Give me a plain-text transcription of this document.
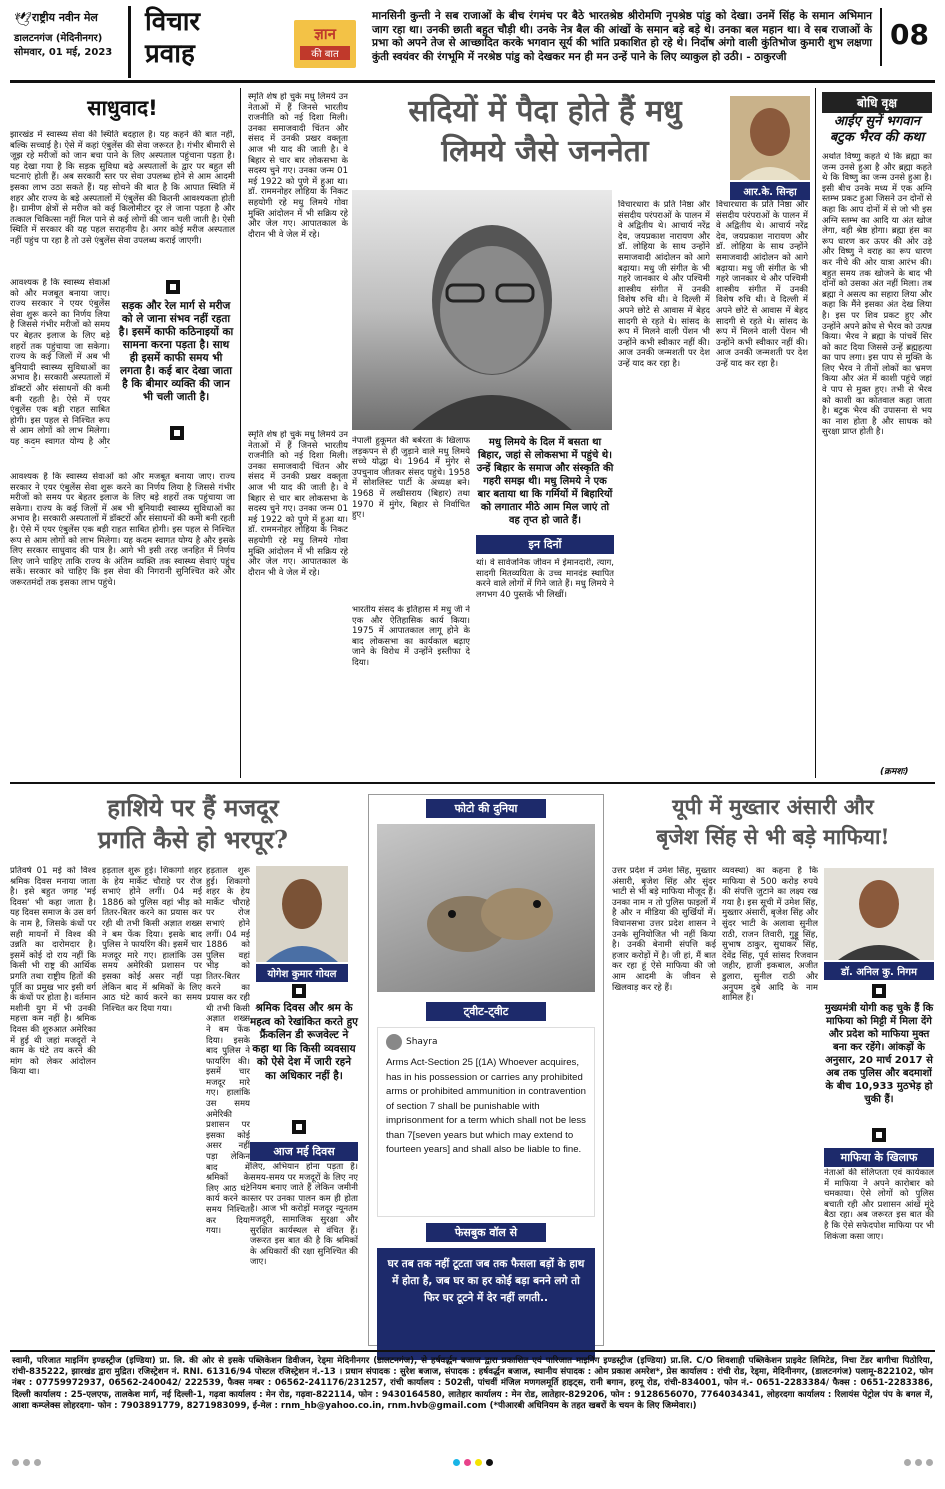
🕊 राष्ट्रीय नवीन मेल
डालटनगंज (मेदिनीनगर)
सोमवार, 01 मई, 2023
विचार
प्रवाह
ज्ञान
की बात
मानसिनी कुन्ती ने सब राजाओं के बीच रंगमंच पर बैठे भारतश्रेष्ठ श्रीरोमणि नृपश्रेष्ठ पांडु को देखा। उनमें सिंह के समान अभिमान जाग रहा था। उनकी छाती बहुत चौड़ी थी। उनके नेत्र बैल की आंखों के समान बड़े बड़े थे। उनका बल महान था। वे सब राजाओं के प्रभा को अपने तेज से आच्छादित करके भगवान सूर्य की भांति प्रकाशित हो रहे थे। निर्दोष अंगो वाली कुंतिभोज कुमारी शुभ लक्षणा कुंती स्वयंवर की रंगभूमि में नरश्रेष्ठ पांडु को देखकर मन ही मन उन्हें पाने के लिए व्याकुल हो उठी। - ठाकुरजी
08
साधुवाद!
झारखंड में स्वास्थ्य सेवा की स्थिति बदहाल है। यह कहने की बात नहीं, बल्कि सच्चाई है। ऐसे में कहां एंबुलेंस की सेवा जरूरत है। गंभीर बीमारी से जूझ रहे मरीजों को जान बचा पाने के लिए अस्पताल पहुंचाना पड़ता है। यह देखा गया है कि सड़क सुविधा बढ़े अस्पतालों के द्वार पर बहुत सी घटनाएं होती हैं। अब सरकारी स्तर पर सेवा उपलब्ध होने से आम आदमी इसका लाभ उठा सकते हैं। यह सोचने की बात है कि आपात स्थिति में शहर और राज्य के बड़े अस्पतालों में एंबुलेंस की कितनी आवश्यकता होती है। ग्रामीण क्षेत्रों से मरीज को कई किलोमीटर दूर ले जाना पड़ता है और तत्काल चिकित्सा नहीं मिल पाने से कई लोगों की जान चली जाती है। ऐसी स्थिति में सरकार की यह पहल सराहनीय है। अगर कोई मरीज अस्पताल नहीं पहुंच पा रहा है तो उसे एंबुलेंस सेवा उपलब्ध कराई जाएगी।
आवश्यक है कि स्वास्थ्य सेवाओं को और मजबूत बनाया जाए। राज्य सरकार ने एयर एंबुलेंस सेवा शुरू करने का निर्णय लिया है जिससे गंभीर मरीजों को समय पर बेहतर इलाज के लिए बड़े शहरों तक पहुंचाया जा सकेगा। राज्य के कई जिलों में अब भी बुनियादी स्वास्थ्य सुविधाओं का अभाव है। सरकारी अस्पतालों में डॉक्टरों और संसाधनों की कमी बनी रहती है। ऐसे में एयर एंबुलेंस एक बड़ी राहत साबित होगी। इस पहल से निश्चित रूप से आम लोगों को लाभ मिलेगा। यह कदम स्वागत योग्य है और
सड़क और रेल मार्ग से मरीज को ले जाना संभव नहीं रहता है। इसमें काफी कठिनाइयों का सामना करना पड़ता है। साथ ही इसमें काफी समय भी लगता है। कई बार देखा जाता है कि बीमार व्यक्ति की जान भी चली जाती है।
आवश्यक है कि स्वास्थ्य सेवाओं को और मजबूत बनाया जाए। राज्य सरकार ने एयर एंबुलेंस सेवा शुरू करने का निर्णय लिया है जिससे गंभीर मरीजों को समय पर बेहतर इलाज के लिए बड़े शहरों तक पहुंचाया जा सकेगा। राज्य के कई जिलों में अब भी बुनियादी स्वास्थ्य सुविधाओं का अभाव है। सरकारी अस्पतालों में डॉक्टरों और संसाधनों की कमी बनी रहती है। ऐसे में एयर एंबुलेंस एक बड़ी राहत साबित होगी। इस पहल से निश्चित रूप से आम लोगों को लाभ मिलेगा। यह कदम स्वागत योग्य है और इसके लिए सरकार साधुवाद की पात्र है। आगे भी इसी तरह जनहित में निर्णय लिए जाने चाहिए ताकि राज्य के अंतिम व्यक्ति तक स्वास्थ्य सेवाएं पहुंच सकें। सरकार को चाहिए कि इस सेवा की निगरानी सुनिश्चित करे और जरूरतमंदों तक इसका लाभ पहुंचे।
सदियों में पैदा होते हैं मधु
लिमये जैसे जननेता
स्मृति शेष हो चुके मधु लिमये उन नेताओं में हैं जिनसे भारतीय राजनीति को नई दिशा मिली। उनका समाजवादी चिंतन और संसद में उनकी प्रखर वक्तृता आज भी याद की जाती है। वे बिहार से चार बार लोकसभा के सदस्य चुने गए। उनका जन्म 01 मई 1922 को पुणे में हुआ था। डॉ. राममनोहर लोहिया के निकट सहयोगी रहे मधु लिमये गोवा मुक्ति आंदोलन में भी सक्रिय रहे और जेल गए। आपातकाल के दौरान भी वे जेल में रहे।
स्मृति शेष हो चुके मधु लिमये उन नेताओं में हैं जिनसे भारतीय राजनीति को नई दिशा मिली। उनका समाजवादी चिंतन और संसद में उनकी प्रखर वक्तृता आज भी याद की जाती है। वे बिहार से चार बार लोकसभा के सदस्य चुने गए। उनका जन्म 01 मई 1922 को पुणे में हुआ था। डॉ. राममनोहर लोहिया के निकट सहयोगी रहे मधु लिमये गोवा मुक्ति आंदोलन में भी सक्रिय रहे और जेल गए। आपातकाल के दौरान भी वे जेल में रहे।
नेपाली हुकूमत की बर्बरता के खिलाफ लड़कपन से ही जुड़ाने वाले मधु लिमये सच्चे योद्धा थे। 1964 में मुंगेर से उपचुनाव जीतकर संसद पहुंचे। 1958 में सोशलिस्ट पार्टी के अध्यक्ष बने। 1968 में लखीसराय (बिहार) तथा 1970 में मुंगेर, बिहार से निर्वाचित हुए।
भारतीय संसद के इतिहास में मधु जी ने एक और ऐतिहासिक कार्य किया। 1975 में आपातकाल लागू होने के बाद लोकसभा का कार्यकाल बढ़ाए जाने के विरोध में उन्होंने इस्तीफा दे दिया।
मधु लिमये के दिल में बसता था बिहार, जहां से लोकसभा में पहुंचे थे। उन्हें बिहार के समाज और संस्कृति की गहरी समझ थी। मधु लिमये ने एक बार बताया था कि गर्मियों में बिहारियों को लगातार मीठे आम मिल जाएं तो वह तृप्त हो जाते हैं।
इन दिनों
थां। वे सार्वजनिक जीवन में ईमानदारी, त्याग, सादगी मितव्ययिता के उच्च मानदंड स्थापित करने वाले लोगों में गिने जाते हैं। मधु लिमये ने लगभग 40 पुस्तकें भी लिखीं।
आर.के. सिन्हा
विचारधारा के प्रति निष्ठा और संसदीय परंपराओं के पालन में वे अद्वितीय थे। आचार्य नरेंद्र देव, जयप्रकाश नारायण और डॉ. लोहिया के साथ उन्होंने समाजवादी आंदोलन को आगे बढ़ाया। मधु जी संगीत के भी गहरे जानकार थे और पश्चिमी शास्त्रीय संगीत में उनकी विशेष रुचि थी। वे दिल्ली में अपने छोटे से आवास में बेहद सादगी से रहते थे। सांसद के रूप में मिलने वाली पेंशन भी उन्होंने कभी स्वीकार नहीं की। आज उनकी जन्मशती पर देश उन्हें याद कर रहा है।
विचारधारा के प्रति निष्ठा और संसदीय परंपराओं के पालन में वे अद्वितीय थे। आचार्य नरेंद्र देव, जयप्रकाश नारायण और डॉ. लोहिया के साथ उन्होंने समाजवादी आंदोलन को आगे बढ़ाया। मधु जी संगीत के भी गहरे जानकार थे और पश्चिमी शास्त्रीय संगीत में उनकी विशेष रुचि थी। वे दिल्ली में अपने छोटे से आवास में बेहद सादगी से रहते थे। सांसद के रूप में मिलने वाली पेंशन भी उन्होंने कभी स्वीकार नहीं की। आज उनकी जन्मशती पर देश उन्हें याद कर रहा है।
बोधि वृक्ष
आईए सुनें भगवान
बटुक भैरव की कथा
अर्थात विष्णु कहते थे कि ब्रह्मा का जन्म उनसे हुआ है और ब्रह्मा कहते थे कि विष्णु का जन्म उनसे हुआ है। इसी बीच उनके मध्य में एक अग्नि स्तम्भ प्रकट हुआ जिसने उन दोनों से कहा कि आप दोनों में से जो भी इस अग्नि स्तम्भ का आदि या अंत खोज लेगा, वही श्रेष्ठ होगा। ब्रह्मा हंस का रूप धारण कर ऊपर की ओर उड़े और विष्णु ने वराह का रूप धारण कर नीचे की ओर यात्रा आरंभ की। बहुत समय तक खोजने के बाद भी दोनों को उसका अंत नहीं मिला। तब ब्रह्मा ने असत्य का सहारा लिया और कहा कि मैंने इसका अंत देख लिया है। इस पर शिव प्रकट हुए और उन्होंने अपने क्रोध से भैरव को उत्पन्न किया। भैरव ने ब्रह्मा के पांचवें सिर को काट दिया जिससे उन्हें ब्रह्महत्या का पाप लगा। इस पाप से मुक्ति के लिए भैरव ने तीनों लोकों का भ्रमण किया और अंत में काशी पहुंचे जहां वे पाप से मुक्त हुए। तभी से भैरव को काशी का कोतवाल कहा जाता है। बटुक भैरव की उपासना से भय का नाश होता है और साधक को सुरक्षा प्राप्त होती है।
(क्रमशः)
हाशिये पर हैं मजदूर
प्रगति कैसे हो भरपूर?
प्रतिवर्ष 01 मई को विश्व श्रमिक दिवस मनाया जाता है। इसे बहुत जगह 'मई दिवस' भी कहा जाता है। यह दिवस समाज के उस वर्ग के नाम है, जिसके कंधों पर सही मायनों में विश्व की उन्नति का दारोमदार है। इसमें कोई दो राय नहीं कि किसी भी राष्ट्र की आर्थिक प्रगति तथा राष्ट्रीय हितों की पूर्ति का प्रमुख भार इसी वर्ग के कंधों पर होता है। वर्तमान मशीनी युग में भी उनकी महत्ता कम नहीं है। श्रमिक दिवस की शुरुआत अमेरिका में हुई थी जहां मजदूरों ने काम के घंटे तय करने की मांग को लेकर आंदोलन किया था।
हड़ताल शुरू हुई। शिकागो शहर के हेय मार्केट चौराहे पर रोज सभाएं होने लगीं। 04 मई 1886 को पुलिस वहां भीड़ को तितर-बितर करने का प्रयास कर रही थी तभी किसी अज्ञात शख्स ने बम फेंक दिया। इसके बाद पुलिस ने फायरिंग की। इसमें चार मजदूर मारे गए। हालांकि उस समय अमेरिकी प्रशासन पर इसका कोई असर नहीं पड़ा लेकिन बाद में श्रमिकों के लिए आठ घंटे कार्य करने का समय निश्चित कर दिया गया।
योगेश कुमार गोयल
श्रमिक दिवस और श्रम के महत्व को रेखांकित करते हुए फ्रैंकलिन डी रूजवेल्ट ने कहा था कि किसी व्यवसाय को ऐसे देश में जारी रहने का अधिकार नहीं है।
आज मई दिवस
लिए, अभियान होना पड़ता है। समय-समय पर मजदूरों के लिए नए नियम बनाए जाते हैं लेकिन जमीनी स्तर पर उनका पालन कम ही होता है। आज भी करोड़ों मजदूर न्यूनतम मजदूरी, सामाजिक सुरक्षा और सुरक्षित कार्यस्थल से वंचित हैं। जरूरत इस बात की है कि श्रमिकों के अधिकारों की रक्षा सुनिश्चित की जाए।
हड़ताल शुरू हुई। शिकागो शहर के हेय मार्केट चौराहे पर रोज सभाएं होने लगीं। 04 मई 1886 को पुलिस वहां भीड़ को तितर-बितर करने का प्रयास कर रही थी तभी किसी अज्ञात शख्स ने बम फेंक दिया। इसके बाद पुलिस ने फायरिंग की। इसमें चार मजदूर मारे गए। हालांकि उस समय अमेरिकी प्रशासन पर इसका कोई असर नहीं पड़ा लेकिन बाद में श्रमिकों के लिए आठ घंटे कार्य करने का समय निश्चित कर दिया गया।
फोटो की दुनिया
ट्वीट-ट्वीट
Shayra
Arms Act-Section 25 [(1A) Whoever acquires, has in his possession or carries any prohibited arms or prohibited ammunition in contravention of section 7 shall be punishable with imprisonment for a term which shall not be less than 7[seven years but which may extend to fourteen years] and shall also be liable to fine.
फेसबुक वॉल से
घर तब तक नहीं टूटता जब तक फैसला बड़ों के हाथ में होता है, जब घर का हर कोई बड़ा बनने लगे तो फिर घर टूटने में देर नहीं लगती..
यूपी में मुख्तार अंसारी और
बृजेश सिंह से भी बड़े माफिया!
उत्तर प्रदेश में उमेश सिंह, मुख्तार अंसारी, बृजेश सिंह और सुंदर भाटी से भी बड़े माफिया मौजूद हैं। उनका नाम न तो पुलिस फाइलों में है और न मीडिया की सुर्खियों में। विधानसभा उत्तर प्रदेश शासन ने उनके सुनियोजित भी नहीं किया है। उनकी बेनामी संपत्ति कई हजार करोड़ों में है। जी हां, मैं बात कर रहा हूं ऐसे माफिया की जो आम आदमी के जीवन से खिलवाड़ कर रहे हैं।
व्यवस्था) का कहना है कि माफिया से 500 करोड़ रुपये की संपत्ति जुटाने का लक्ष्य रख गया है। इस सूची में उमेश सिंह, मुख्तार अंसारी, बृजेश सिंह और सुंदर भाटी के अलावा सुनील राठी, राजन तिवारी, गुड्डू सिंह, सुभाष ठाकुर, सुधाकर सिंह, देवेंद्र सिंह, पूर्व सांसद रिजवान जहीर, हाजी इकबाल, अजीत डुलारा, सुनील राठी और अनुपम दुबे आदि के नाम शामिल हैं।
डॉ. अनिल कु. निगम
मुख्यमंत्री योगी कह चुके हैं कि माफिया को मिट्टी में मिला देंगे और प्रदेश को माफिया मुक्त बना कर रहेंगे। आंकड़ों के अनुसार, 20 मार्च 2017 से अब तक पुलिस और बदमाशों के बीच 10,933 मुठभेड़ हो चुकी हैं।
माफिया के खिलाफ
नेताओं की संलिप्तता एवं कार्यकाल में माफिया ने अपने कारोबार को चमकाया। ऐसे लोगों को पुलिस बचाती रही और प्रशासन आंखें मूंदे बैठा रहा। अब जरूरत इस बात की है कि ऐसे सफेदपोश माफिया पर भी शिकंजा कसा जाए।
स्वामी, परिजात माइनिंग इण्डस्ट्रीज (इण्डिया) प्रा. लि. की ओर से इसके पब्लिकेशन डिवीजन, रेड्मा मेदिनीनगर (डालटनगंज), से हर्षवर्द्धन बजाज द्वारा प्रकाशित एवं पारिजात माइनिंग इण्डस्ट्रीज (इण्डिया) प्रा.लि. C/O शिवशाही पब्लिकेशन प्राइवेट लिमिटेड, निचा टेंडर बागीचा पिठोरिया, रांची-835222, झारखंड द्वारा मुद्रित। रजिस्ट्रेशन नं. RNI. 61316/94 पोस्टल रजिस्ट्रेशन नं.-13 । प्रधान संपादक : सुरेश बजाज, संपादक : हर्षवर्द्धन बजाज, स्थानीय संपादक : ओम प्रकाश अमरेश*, प्रेस कार्यालय : रांची रोड, रेड्मा, मेदिनीनगर, (डालटनगंज) पलामू-822102, फोन नंबर : 07759972937, 06562-240042/ 222539, फैक्स नम्बर : 06562-241176/231257, रांची कार्यालय : 502सी, पांचवीं मंजिल मणगलमूर्ति हाइट्स, रानी बगान, हरमू रोड, रांची-834001, फोन नं.- 0651-2283384/ फैक्स : 0651-2283386, दिल्ली कार्यालय : 25-एलएफ, तालकेश मार्ग, नई दिल्ली-1, गढ़वा कार्यालय : मेन रोड, गढ़वा-822114, फोन : 9430164580, लातेहार कार्यालय : मेन रोड, लातेहार-829206, फोन : 9128656070, 7764034341, लोहरदगा कार्यालय : रिलायंस पेट्रोल पंप के बगल में, आशा कम्प्लेक्स लोहरदगा- फोन : 7903891779, 8271983099, ई-मेल : rnm_hb@yahoo.co.in, rnm.hvb@gmail.com (*पीआरबी अधिनियम के तहत खबरों के चयन के लिए जिम्मेवार।)
